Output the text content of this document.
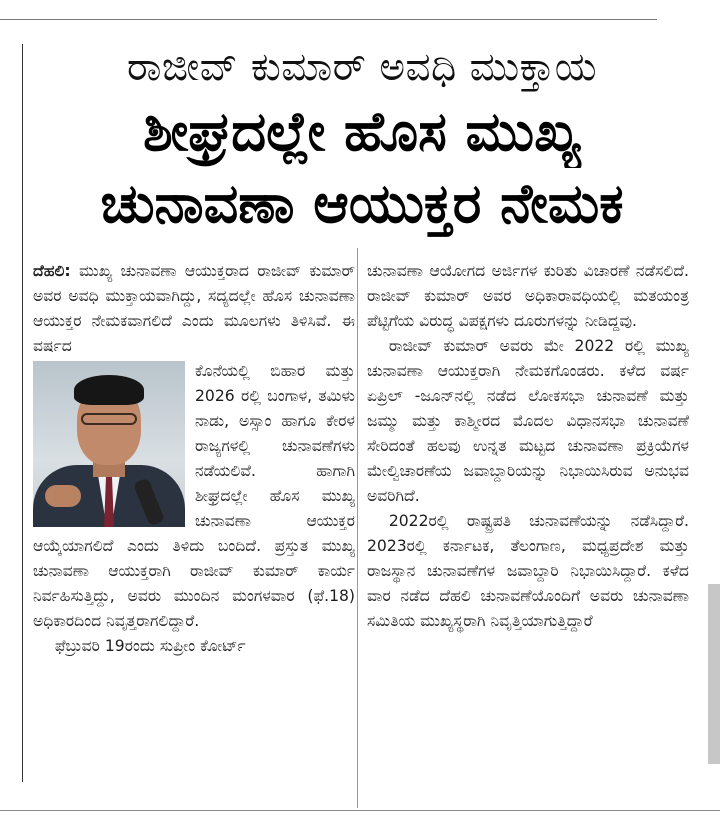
ರಾಜೀವ್ ಕುಮಾರ್ ಅವಧಿ ಮುಕ್ತಾಯ
ಶೀಘ್ರದಲ್ಲೇ ಹೊಸ ಮುಖ್ಯ
ಚುನಾವಣಾ ಆಯುಕ್ತರ ನೇಮಕ

ದೆಹಲಿ: ಮುಖ್ಯ ಚುನಾವಣಾ ಆಯುಕ್ತರಾದ ರಾಜೀವ್ ಕುಮಾರ್ ಅವರ ಅವಧಿ ಮುಕ್ತಾಯವಾಗಿದ್ದು, ಸದ್ಯದಲ್ಲೇ ಹೊಸ ಚುನಾವಣಾ ಆಯುಕ್ತರ ನೇಮಕವಾಗಲಿದೆ ಎಂದು ಮೂಲಗಳು ತಿಳಿಸಿವೆ. ಈ ವರ್ಷದ

ಕೊನೆಯಲ್ಲಿ ಬಿಹಾರ ಮತ್ತು 2026 ರಲ್ಲಿ ಬಂಗಾಳ, ತಮಿಳು ನಾಡು, ಅಸ್ಸಾಂ ಹಾಗೂ ಕೇರಳ ರಾಜ್ಯಗಳಲ್ಲಿ ಚುನಾವಣೆಗಳು ನಡೆಯಲಿವೆ. ಹಾಗಾಗಿ ಶೀಘ್ರದಲ್ಲೇ ಹೊಸ ಮುಖ್ಯ ಚುನಾವಣಾ ಆಯುಕ್ತರ ಆಯ್ಕೆಯಾಗಲಿದೆ ಎಂದು ತಿಳಿದು ಬಂದಿದೆ. ಪ್ರಸ್ತುತ ಮುಖ್ಯ ಚುನಾವಣಾ ಆಯುಕ್ತರಾಗಿ ರಾಜೀವ್ ಕುಮಾರ್ ಕಾರ್ಯ ನಿರ್ವಹಿಸುತ್ತಿದ್ದು, ಅವರು ಮುಂದಿನ ಮಂಗಳವಾರ (ಫೆ.18) ಅಧಿಕಾರದಿಂದ ನಿವೃತ್ತರಾಗಲಿದ್ದಾರೆ.

ಫೆಬ್ರುವರಿ 19ರಂದು ಸುಪ್ರೀಂ ಕೋರ್ಟ್

ಚುನಾವಣಾ ಆಯೋಗದ ಅರ್ಜಿಗಳ ಕುರಿತು ವಿಚಾರಣೆ ನಡೆಸಲಿದೆ. ರಾಜೀವ್ ಕುಮಾರ್ ಅವರ ಅಧಿಕಾರಾವಧಿಯಲ್ಲಿ ಮತಯಂತ್ರ ಪೆಟ್ಟಿಗೆಯ ವಿರುದ್ಧ ವಿಪಕ್ಷಗಳು ದೂರುಗಳನ್ನು ನೀಡಿದ್ದವು.

ರಾಜೀವ್ ಕುಮಾರ್ ಅವರು ಮೇ 2022 ರಲ್ಲಿ ಮುಖ್ಯ ಚುನಾವಣಾ ಆಯುಕ್ತರಾಗಿ ನೇಮಕಗೊಂಡರು. ಕಳೆದ ವರ್ಷ ಏಪ್ರಿಲ್ -ಜೂನ್‌ನಲ್ಲಿ ನಡೆದ ಲೋಕಸಭಾ ಚುನಾವಣೆ ಮತ್ತು ಜಮ್ಮು ಮತ್ತು ಕಾಶ್ಮೀರದ ಮೊದಲ ವಿಧಾನಸಭಾ ಚುನಾವಣೆ ಸೇರಿದಂತೆ ಹಲವು ಉನ್ನತ ಮಟ್ಟದ ಚುನಾವಣಾ ಪ್ರಕ್ರಿಯೆಗಳ ಮೇಲ್ವಿಚಾರಣೆಯ ಜವಾಬ್ದಾರಿಯನ್ನು ನಿಭಾಯಿಸಿರುವ ಅನುಭವ ಅವರಿಗಿದೆ.

2022ರಲ್ಲಿ ರಾಷ್ಟ್ರಪತಿ ಚುನಾವಣೆಯನ್ನು ನಡೆಸಿದ್ದಾರೆ. 2023ರಲ್ಲಿ ಕರ್ನಾಟಕ, ತೆಲಂಗಾಣ, ಮಧ್ಯಪ್ರದೇಶ ಮತ್ತು ರಾಜಸ್ಥಾನ ಚುನಾವಣೆಗಳ ಜವಾಬ್ದಾರಿ ನಿಭಾಯಿಸಿದ್ದಾರೆ. ಕಳೆದ ವಾರ ನಡೆದ ದೆಹಲಿ ಚುನಾವಣೆಯೊಂದಿಗೆ ಅವರು ಚುನಾವಣಾ ಸಮಿತಿಯ ಮುಖ್ಯಸ್ಥರಾಗಿ ನಿವೃತ್ತಿಯಾಗುತ್ತಿದ್ದಾರೆ
